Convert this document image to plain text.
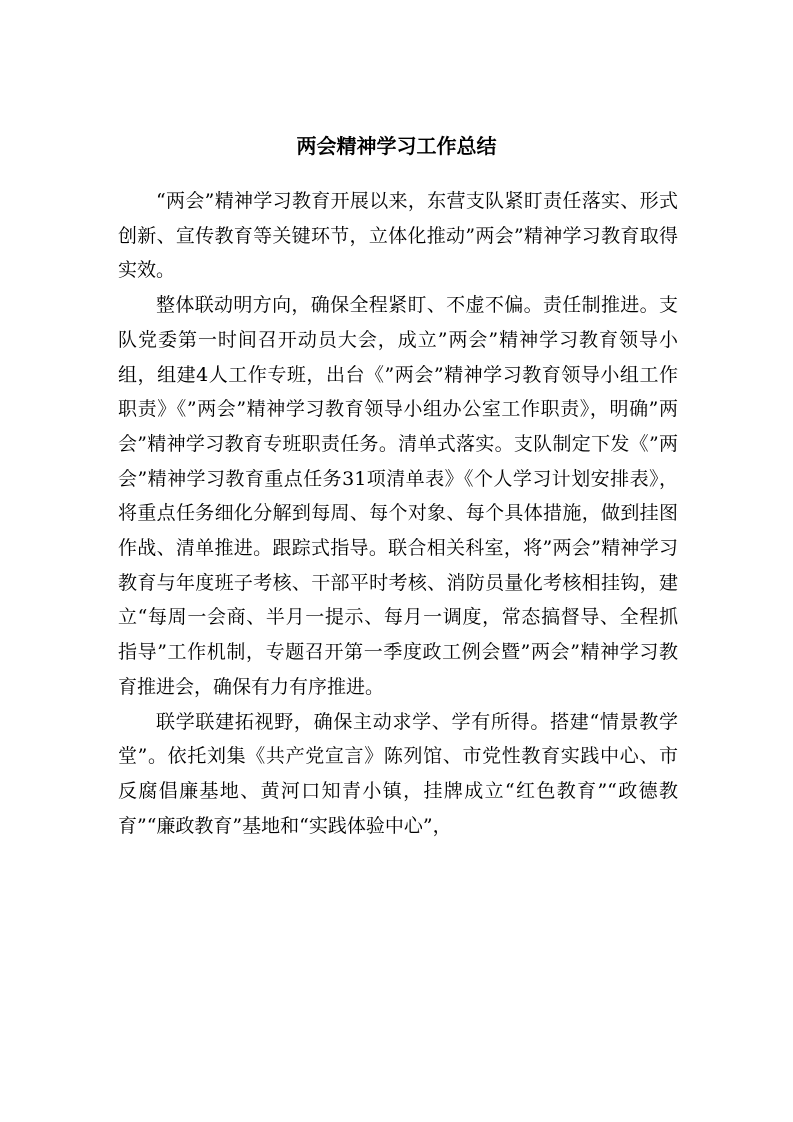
两会精神学习工作总结

“两会”精神学习教育开展以来，东营支队紧盯责任落实、形式创新、宣传教育等关键环节，立体化推动”两会”精神学习教育取得实效。

整体联动明方向，确保全程紧盯、不虚不偏。责任制推进。支队党委第一时间召开动员大会，成立”两会”精神学习教育领导小组，组建4人工作专班，出台《”两会”精神学习教育领导小组工作职责》《”两会”精神学习教育领导小组办公室工作职责》，明确”两会”精神学习教育专班职责任务。清单式落实。支队制定下发《”两会”精神学习教育重点任务31项清单表》《个人学习计划安排表》，将重点任务细化分解到每周、每个对象、每个具体措施，做到挂图作战、清单推进。跟踪式指导。联合相关科室，将”两会”精神学习教育与年度班子考核、干部平时考核、消防员量化考核相挂钩，建立“每周一会商、半月一提示、每月一调度，常态搞督导、全程抓指导”工作机制，专题召开第一季度政工例会暨”两会”精神学习教育推进会，确保有力有序推进。

联学联建拓视野，确保主动求学、学有所得。搭建“情景教学堂”。依托刘集《共产党宣言》陈列馆、市党性教育实践中心、市反腐倡廉基地、黄河口知青小镇，挂牌成立“红色教育”“政德教育”“廉政教育”基地和“实践体验中心”，
